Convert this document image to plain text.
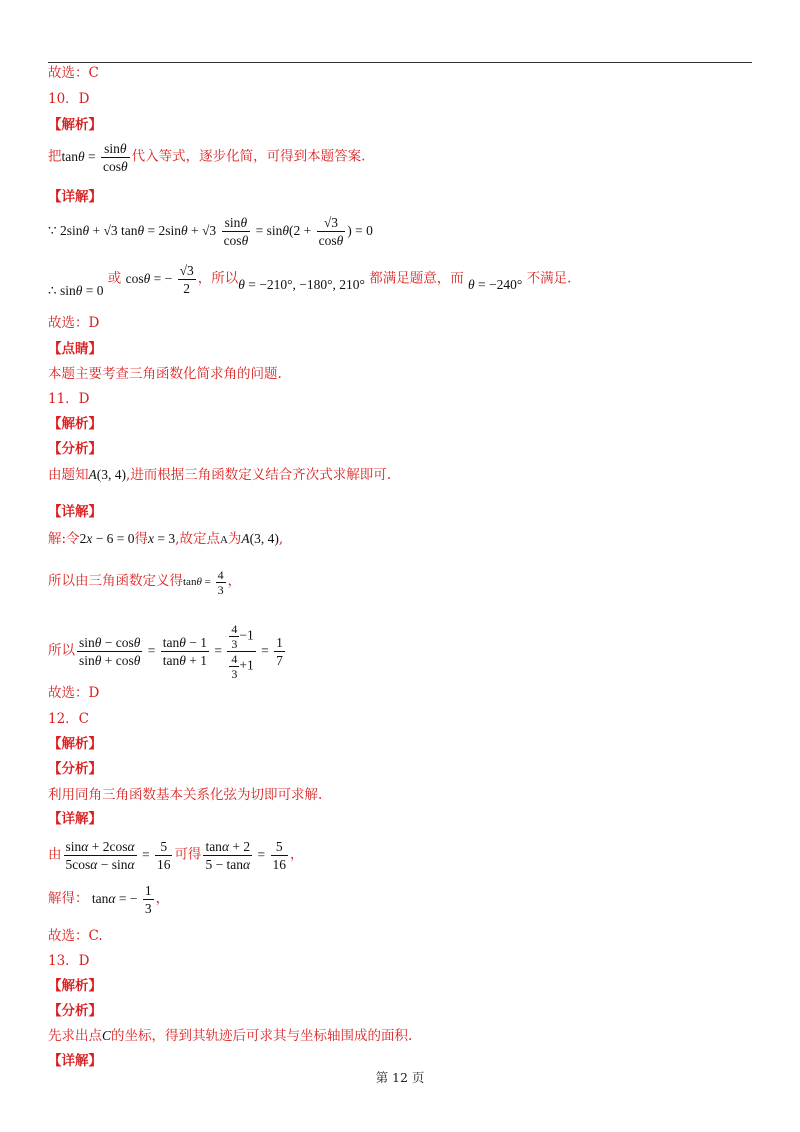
故选：C
10．D
【解析】
把$\tan\theta = \frac{\sin\theta}{\cos\theta}$ 代入等式，逐步化简，可得到本题答案.
【详解】
∵ 2sinθ + √3 $\tan\theta = 2\sin\theta + √3 \frac{\sin\theta}{\cos\theta} = \sin\theta(2 + \frac{√3}{\cos\theta}$ ) = 0
∴ sinθ = 0 或 cosθ = − $\frac{√3}{2}$ ，所以θ = −210°, −180°, 210° 都满足题意，而 θ = −240° 不满足.
故选：D
【点睛】
本题主要考查三角函数化简求角的问题.
11．D
【解析】
【分析】
由题知A(3, 4),进而根据三角函数定义结合齐次式求解即可.
【详解】
解:令2x − 6 = 0得x = 3,故定点A为A(3, 4),
所以由三角函数定义得$\tan\theta = \frac{4}{3}$ ，
所以 $\frac{\sin\theta - \cos\theta}{\sin\theta + \cos\theta} = \frac{\tan\theta - 1}{\tan\theta + 1} = \frac{\frac{4}{3} -1}{\frac{4}{3} +1} = \frac{1}{7}$
故选：D
12．C
【解析】
【分析】
利用同角三角函数基本关系化弦为切即可求解.
【详解】
由 $\frac{\sin\alpha + 2\cos\alpha}{5\cos\alpha - \sin\alpha} = \frac{5}{16}$ 可得 $\frac{\tan\alpha + 2}{5 - \tan\alpha} = \frac{5}{16}$ ，
解得： tanα = − $\frac{1}{3}$ ，
故选：C.
13．D
【解析】
【分析】
先求出点C的坐标，得到其轨迹后可求其与坐标轴围成的面积.
【详解】
第 12 页
